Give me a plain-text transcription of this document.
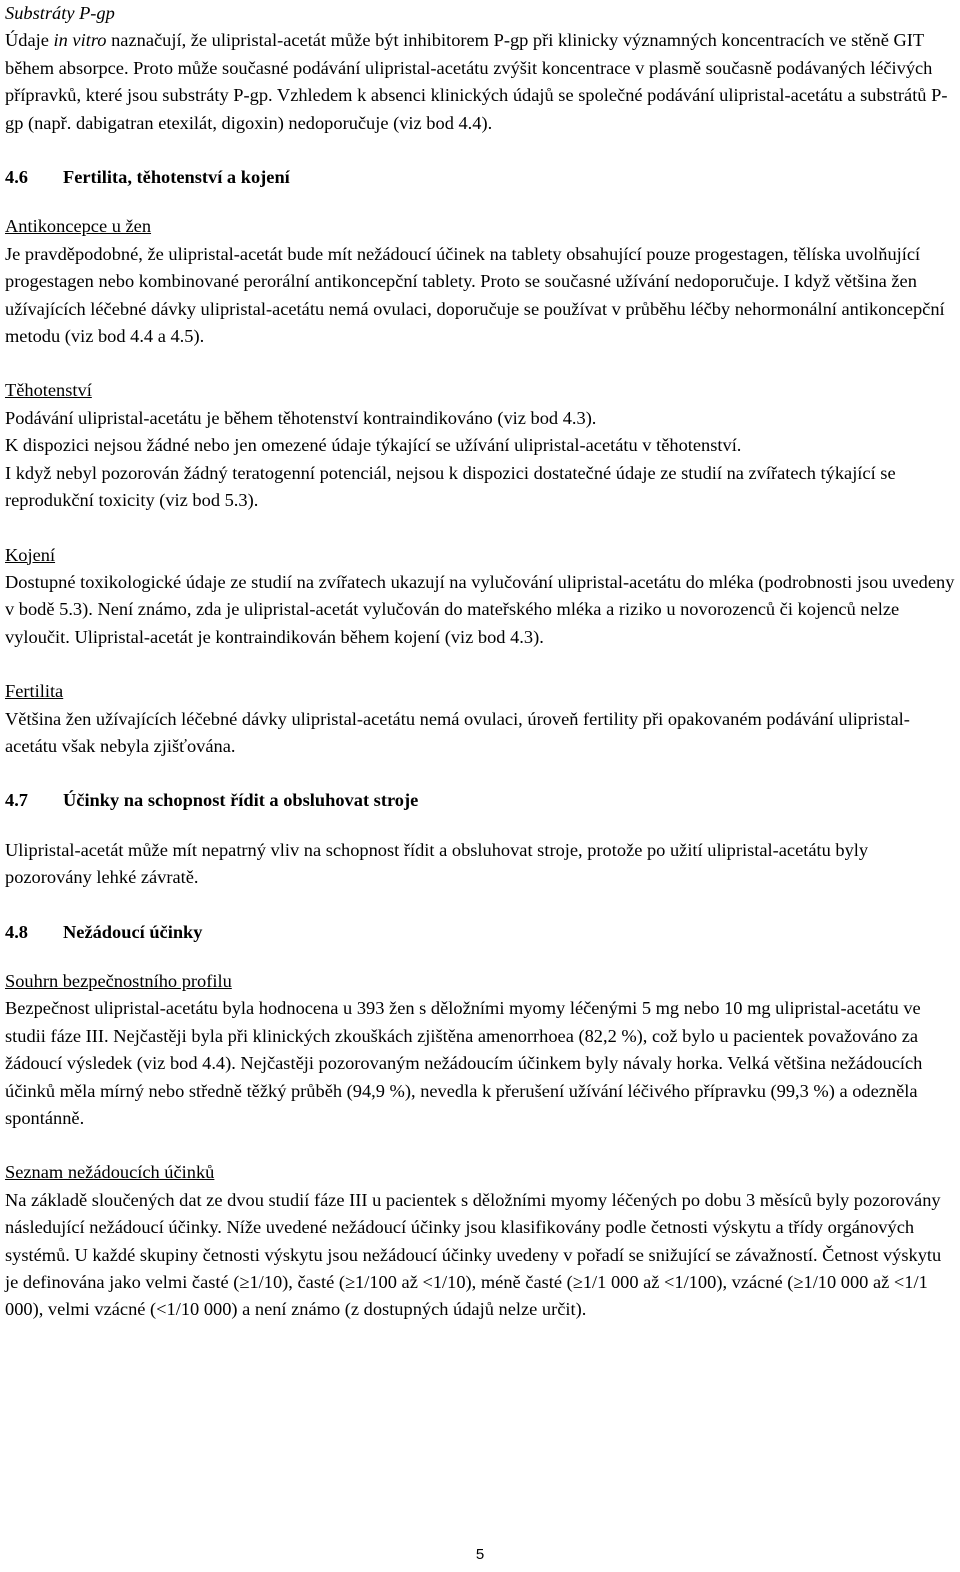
Substráty P-gp

Údaje in vitro naznačují, že ulipristal-acetát může být inhibitorem P-gp při klinicky významných koncentracích ve stěně GIT během absorpce. Proto může současné podávání ulipristal-acetátu zvýšit koncentrace v plasmě současně podávaných léčivých přípravků, které jsou substráty P-gp. Vzhledem k absenci klinických údajů se společné podávání ulipristal-acetátu a substrátů P-gp (např. dabigatran etexilát, digoxin) nedoporučuje (viz bod 4.4).

4.6	Fertilita, těhotenství a kojení

Antikoncepce u žen

Je pravděpodobné, že ulipristal-acetát bude mít nežádoucí účinek na tablety obsahující pouze progestagen, tělíska uvolňující progestagen nebo kombinované perorální antikoncepční tablety. Proto se současné užívání nedoporučuje. I když většina žen užívajících léčebné dávky ulipristal-acetátu nemá ovulaci, doporučuje se používat v průběhu léčby nehormonální antikoncepční metodu (viz bod 4.4 a 4.5).

Těhotenství

Podávání ulipristal-acetátu je během těhotenství kontraindikováno (viz bod 4.3).

K dispozici nejsou žádné nebo jen omezené údaje týkající se užívání ulipristal-acetátu v těhotenství.

I když nebyl pozorován žádný teratogenní potenciál, nejsou k dispozici dostatečné údaje ze studií na zvířatech týkající se reprodukční toxicity (viz bod 5.3).

Kojení

Dostupné toxikologické údaje ze studií na zvířatech ukazují na vylučování ulipristal-acetátu do mléka (podrobnosti jsou uvedeny v bodě 5.3). Není známo, zda je ulipristal-acetát vylučován do mateřského mléka a riziko u novorozenců či kojenců nelze vyloučit. Ulipristal-acetát je kontraindikován během kojení (viz bod 4.3).

Fertilita

Většina žen užívajících léčebné dávky ulipristal-acetátu nemá ovulaci, úroveň fertility při opakovaném podávání ulipristal-acetátu však nebyla zjišťována.

4.7	Účinky na schopnost řídit a obsluhovat stroje

Ulipristal-acetát může mít nepatrný vliv na schopnost řídit a obsluhovat stroje, protože po užití ulipristal-acetátu byly pozorovány lehké závratě.

4.8	Nežádoucí účinky

Souhrn bezpečnostního profilu

Bezpečnost ulipristal-acetátu byla hodnocena u 393 žen s děložními myomy léčenými 5 mg nebo 10 mg ulipristal-acetátu ve studii fáze III. Nejčastěji byla při klinických zkouškách zjištěna amenorrhoea (82,2 %), což bylo u pacientek považováno za žádoucí výsledek (viz bod 4.4). Nejčastěji pozorovaným nežádoucím účinkem byly návaly horka. Velká většina nežádoucích účinků měla mírný nebo středně těžký průběh (94,9 %), nevedla k přerušení užívání léčivého přípravku (99,3 %) a odezněla spontánně.

Seznam nežádoucích účinků

Na základě sloučených dat ze dvou studií fáze III u pacientek s děložními myomy léčených po dobu 3 měsíců byly pozorovány následující nežádoucí účinky. Níže uvedené nežádoucí účinky jsou klasifikovány podle četnosti výskytu a třídy orgánových systémů. U každé skupiny četnosti výskytu jsou nežádoucí účinky uvedeny v pořadí se snižující se závažností. Četnost výskytu je definována jako velmi časté (≥1/10), časté (≥1/100 až <1/10), méně časté (≥1/1 000 až <1/100), vzácné (≥1/10 000 až <1/1 000), velmi vzácné (<1/10 000) a není známo (z dostupných údajů nelze určit).

5
